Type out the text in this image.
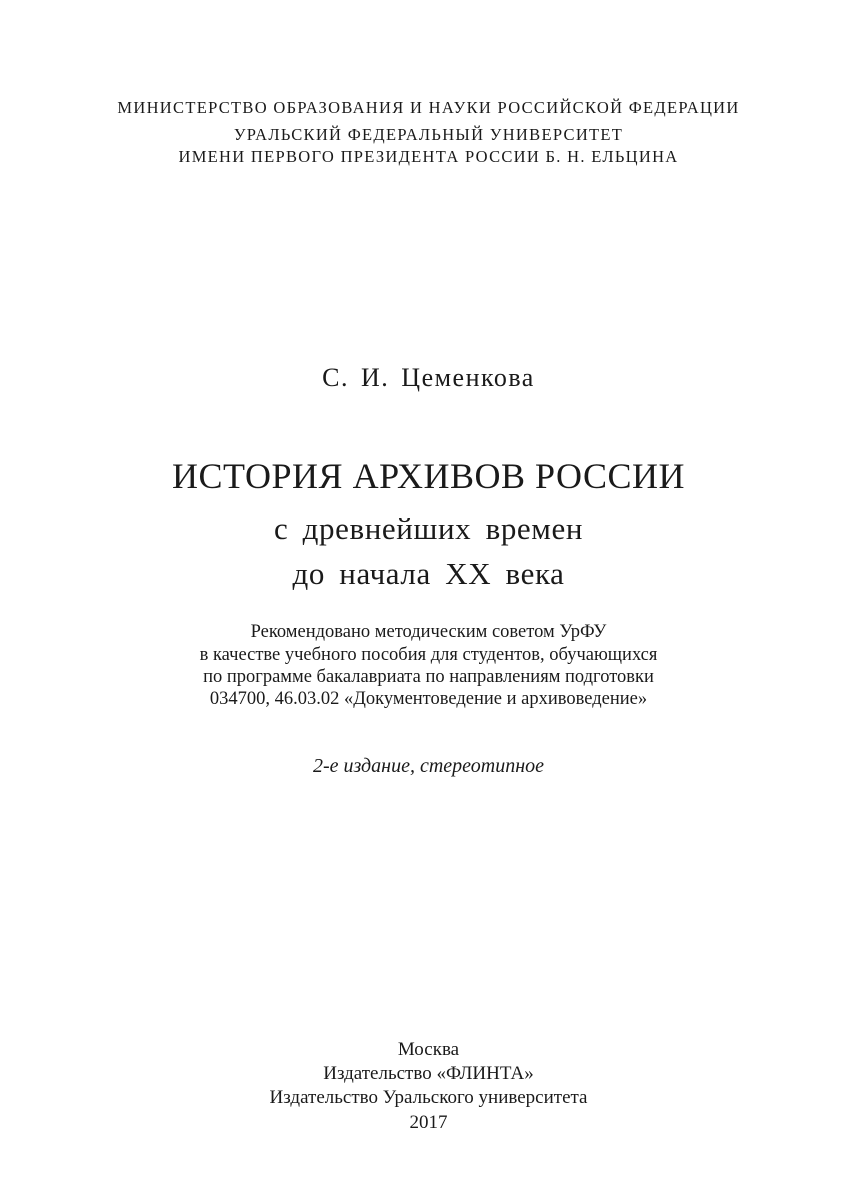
МИНИСТЕРСТВО ОБРАЗОВАНИЯ И НАУКИ РОССИЙСКОЙ ФЕДЕРАЦИИ
УРАЛЬСКИЙ ФЕДЕРАЛЬНЫЙ УНИВЕРСИТЕТ
ИМЕНИ ПЕРВОГО ПРЕЗИДЕНТА РОССИИ Б. Н. ЕЛЬЦИНА
С. И. Цеменкова
ИСТОРИЯ АРХИВОВ РОССИИ
с древнейших времен
до начала XX века
Рекомендовано методическим советом УрФУ
в качестве учебного пособия для студентов, обучающихся
по программе бакалавриата по направлениям подготовки
034700, 46.03.02 «Документоведение и архивоведение»
2-е издание, стереотипное
Москва
Издательство «ФЛИНТА»
Издательство Уральского университета
2017
